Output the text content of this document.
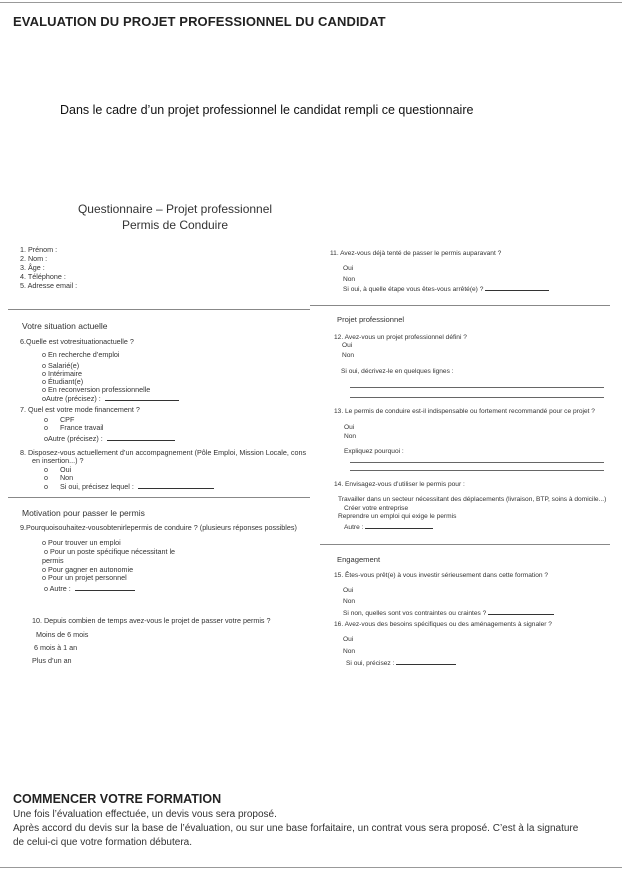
EVALUATION DU PROJET PROFESSIONNEL DU CANDIDAT
Dans le cadre d’un projet professionnel le candidat rempli ce questionnaire
Questionnaire – Projet professionnel
Permis de Conduire
1. Prénom :
2. Nom :
3. Âge :
4. Téléphone :
5. Adresse email :
Votre situation actuelle
6.Quelle est votresituationactuelle ?
o En recherche d’emploi
o Salarié(e)
o Intérimaire
o Étudiant(e)
o En reconversion professionnelle
oAutre (précisez) :
7. Quel est votre mode financement ?
o      CPF
o      France travail
oAutre (précisez) :
8. Disposez-vous actuellement d’un accompagnement (Pôle Emploi, Mission Locale, cons
en insertion...) ?
o      Oui
o      Non
o      Si oui, précisez lequel :
Motivation pour passer le permis
9.Pourquoisouhaitez-vousobtenirlepermis de conduire ? (plusieurs réponses possibles)
o Pour trouver un emploi
o Pour un poste spécifique nécessitant le
permis
o Pour gagner en autonomie
o Pour un projet personnel
o Autre :
10. Depuis combien de temps avez-vous le projet de passer votre permis ?
Moins de 6 mois
6 mois à 1 an
Plus d’un an
11. Avez-vous déjà tenté de passer le permis auparavant ?
Oui
Non
Si oui, à quelle étape vous êtes-vous arrêté(e) ?
Projet professionnel
12. Avez-vous un projet professionnel défini ?
Oui
Non
Si oui, décrivez-le en quelques lignes :
13. Le permis de conduire est-il indispensable ou fortement recommandé pour ce projet ?
Oui
Non
Expliquez pourquoi :
14. Envisagez-vous d’utiliser le permis pour :
Travailler dans un secteur nécessitant des déplacements (livraison, BTP, soins à domicile...)
Créer votre entreprise
Reprendre un emploi qui exige le permis
Autre :
Engagement
15. Êtes-vous prêt(e) à vous investir sérieusement dans cette formation ?
Oui
Non
Si non, quelles sont vos contraintes ou craintes ?
16. Avez-vous des besoins spécifiques ou des aménagements à signaler ?
Oui
Non
Si oui, précisez :
COMMENCER VOTRE FORMATION
Une fois l’évaluation effectuée, un devis vous sera proposé.
Après accord du devis sur la base de l’évaluation, ou sur une base forfaitaire, un contrat vous sera proposé. C’est à la signature
de celui-ci que votre formation débutera.
